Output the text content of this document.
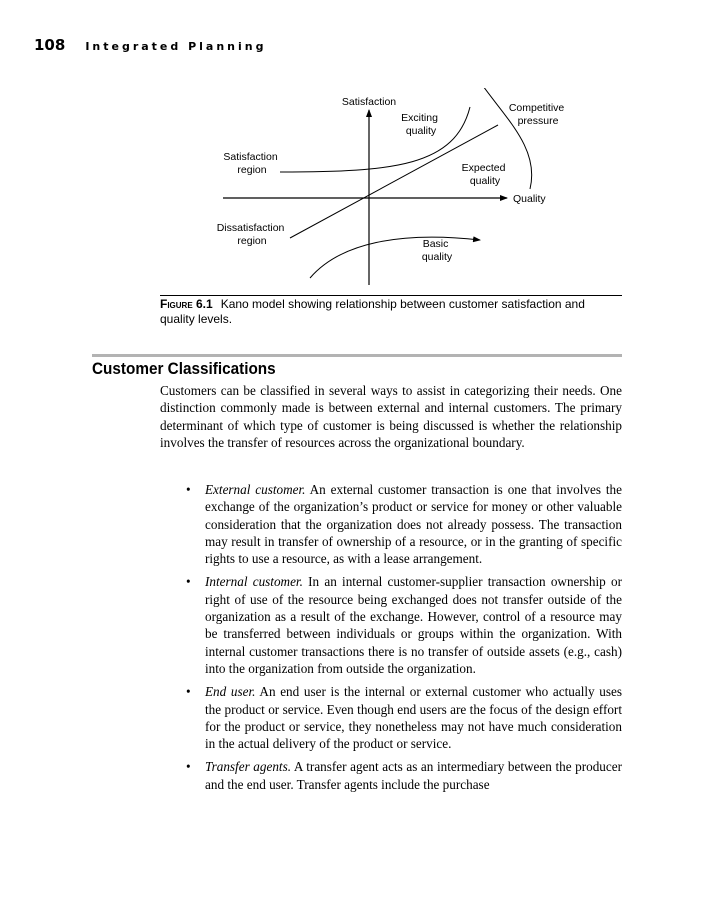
108 Integrated Planning
Satisfaction
Exciting quality
Competitive pressure
Satisfaction region	Expected quality
Quality
Dissatisfaction region	Basic quality
Figure 6.1 Kano model showing relationship between customer satisfaction and quality levels.
Customer Classifications

Customers can be classified in several ways to assist in categorizing their needs. One distinction commonly made is between external and internal customers. The primary determinant of which type of customer is being discussed is whether the relationship involves the transfer of resources across the organizational boundary.

• External customer. An external customer transaction is one that involves the exchange of the organization’s product or service for money or other valuable consideration that the organization does not already possess. The transaction may result in transfer of ownership of a resource, or in the granting of specific rights to use a resource, as with a lease arrangement.
• Internal customer. In an internal customer-supplier transaction ownership or right of use of the resource being exchanged does not transfer outside of the organization as a result of the exchange. However, control of a resource may be transferred between individuals or groups within the organization. With internal customer transactions there is no transfer of outside assets (e.g., cash) into the organization from outside the organization.
• End user. An end user is the internal or external customer who actually uses the product or service. Even though end users are the focus of the design effort for the product or service, they nonetheless may not have much consideration in the actual delivery of the product or service.
• Transfer agents. A transfer agent acts as an intermediary between the producer and the end user. Transfer agents include the purchase
